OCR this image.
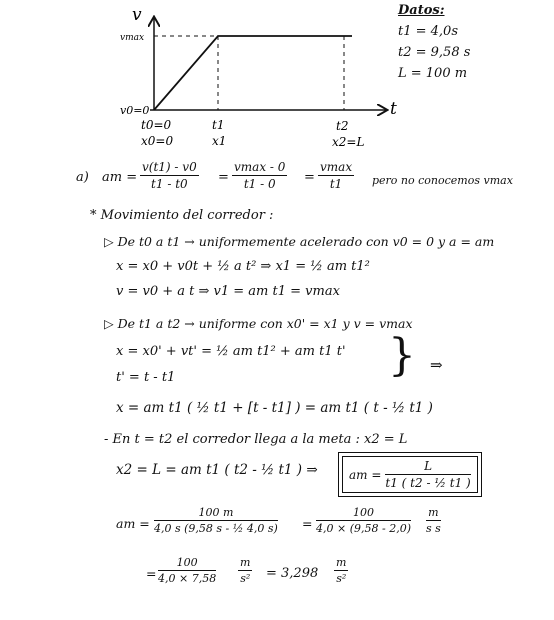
v
t
vmax
v0=0
t0=0
x0=0
t1
x1
t2
x2=L
Datos:
t1 = 4,0s
t2 = 9,58 s
L = 100 m
a) am = $\frac{v(t1) - v0}{t1 - t0}$ =
vmax - 0
t1 - 0	=
vmax
t1	pero no conocemos vmax
* Movimiento del corredor :
▷ De t0 a t1 → uniformemente acelerado con v0 = 0 y a = am
x = x0 + v0t + ½ a t² ⇒ x1 = ½ am t1²
v = v0 + a t ⇒ v1 = am t1 = vmax
▷ De t1 a t2 → uniforme con x0' = x1 y v = vmax
x = x0' + vt' = ½ am t1² + am t1 t'
t' = t - t1	} ⇒
x = am t1 ( ½ t1 + [t - t1] ) = am t1 ( t - ½ t1 )
- En t = t2 el corredor llega a la meta : x2 = L
x2 = L = am t1 ( t2 - ½ t1 ) ⇒	am = $\frac{L}{\text{t1 ( t2 - ½ t1 )}}$
am = $\frac{100 m}{\text{4,0 s (9,58 s - ½ 4,0 s)}} = \frac{100}{4,0 \times (9,58 - 2,0)} \frac{m}{\text{s s}}$
= $\frac{100}{4,0 \times 7,58} \frac{m}{\text{s²}} = 3,298 \frac{m}{\text{s²}}$
